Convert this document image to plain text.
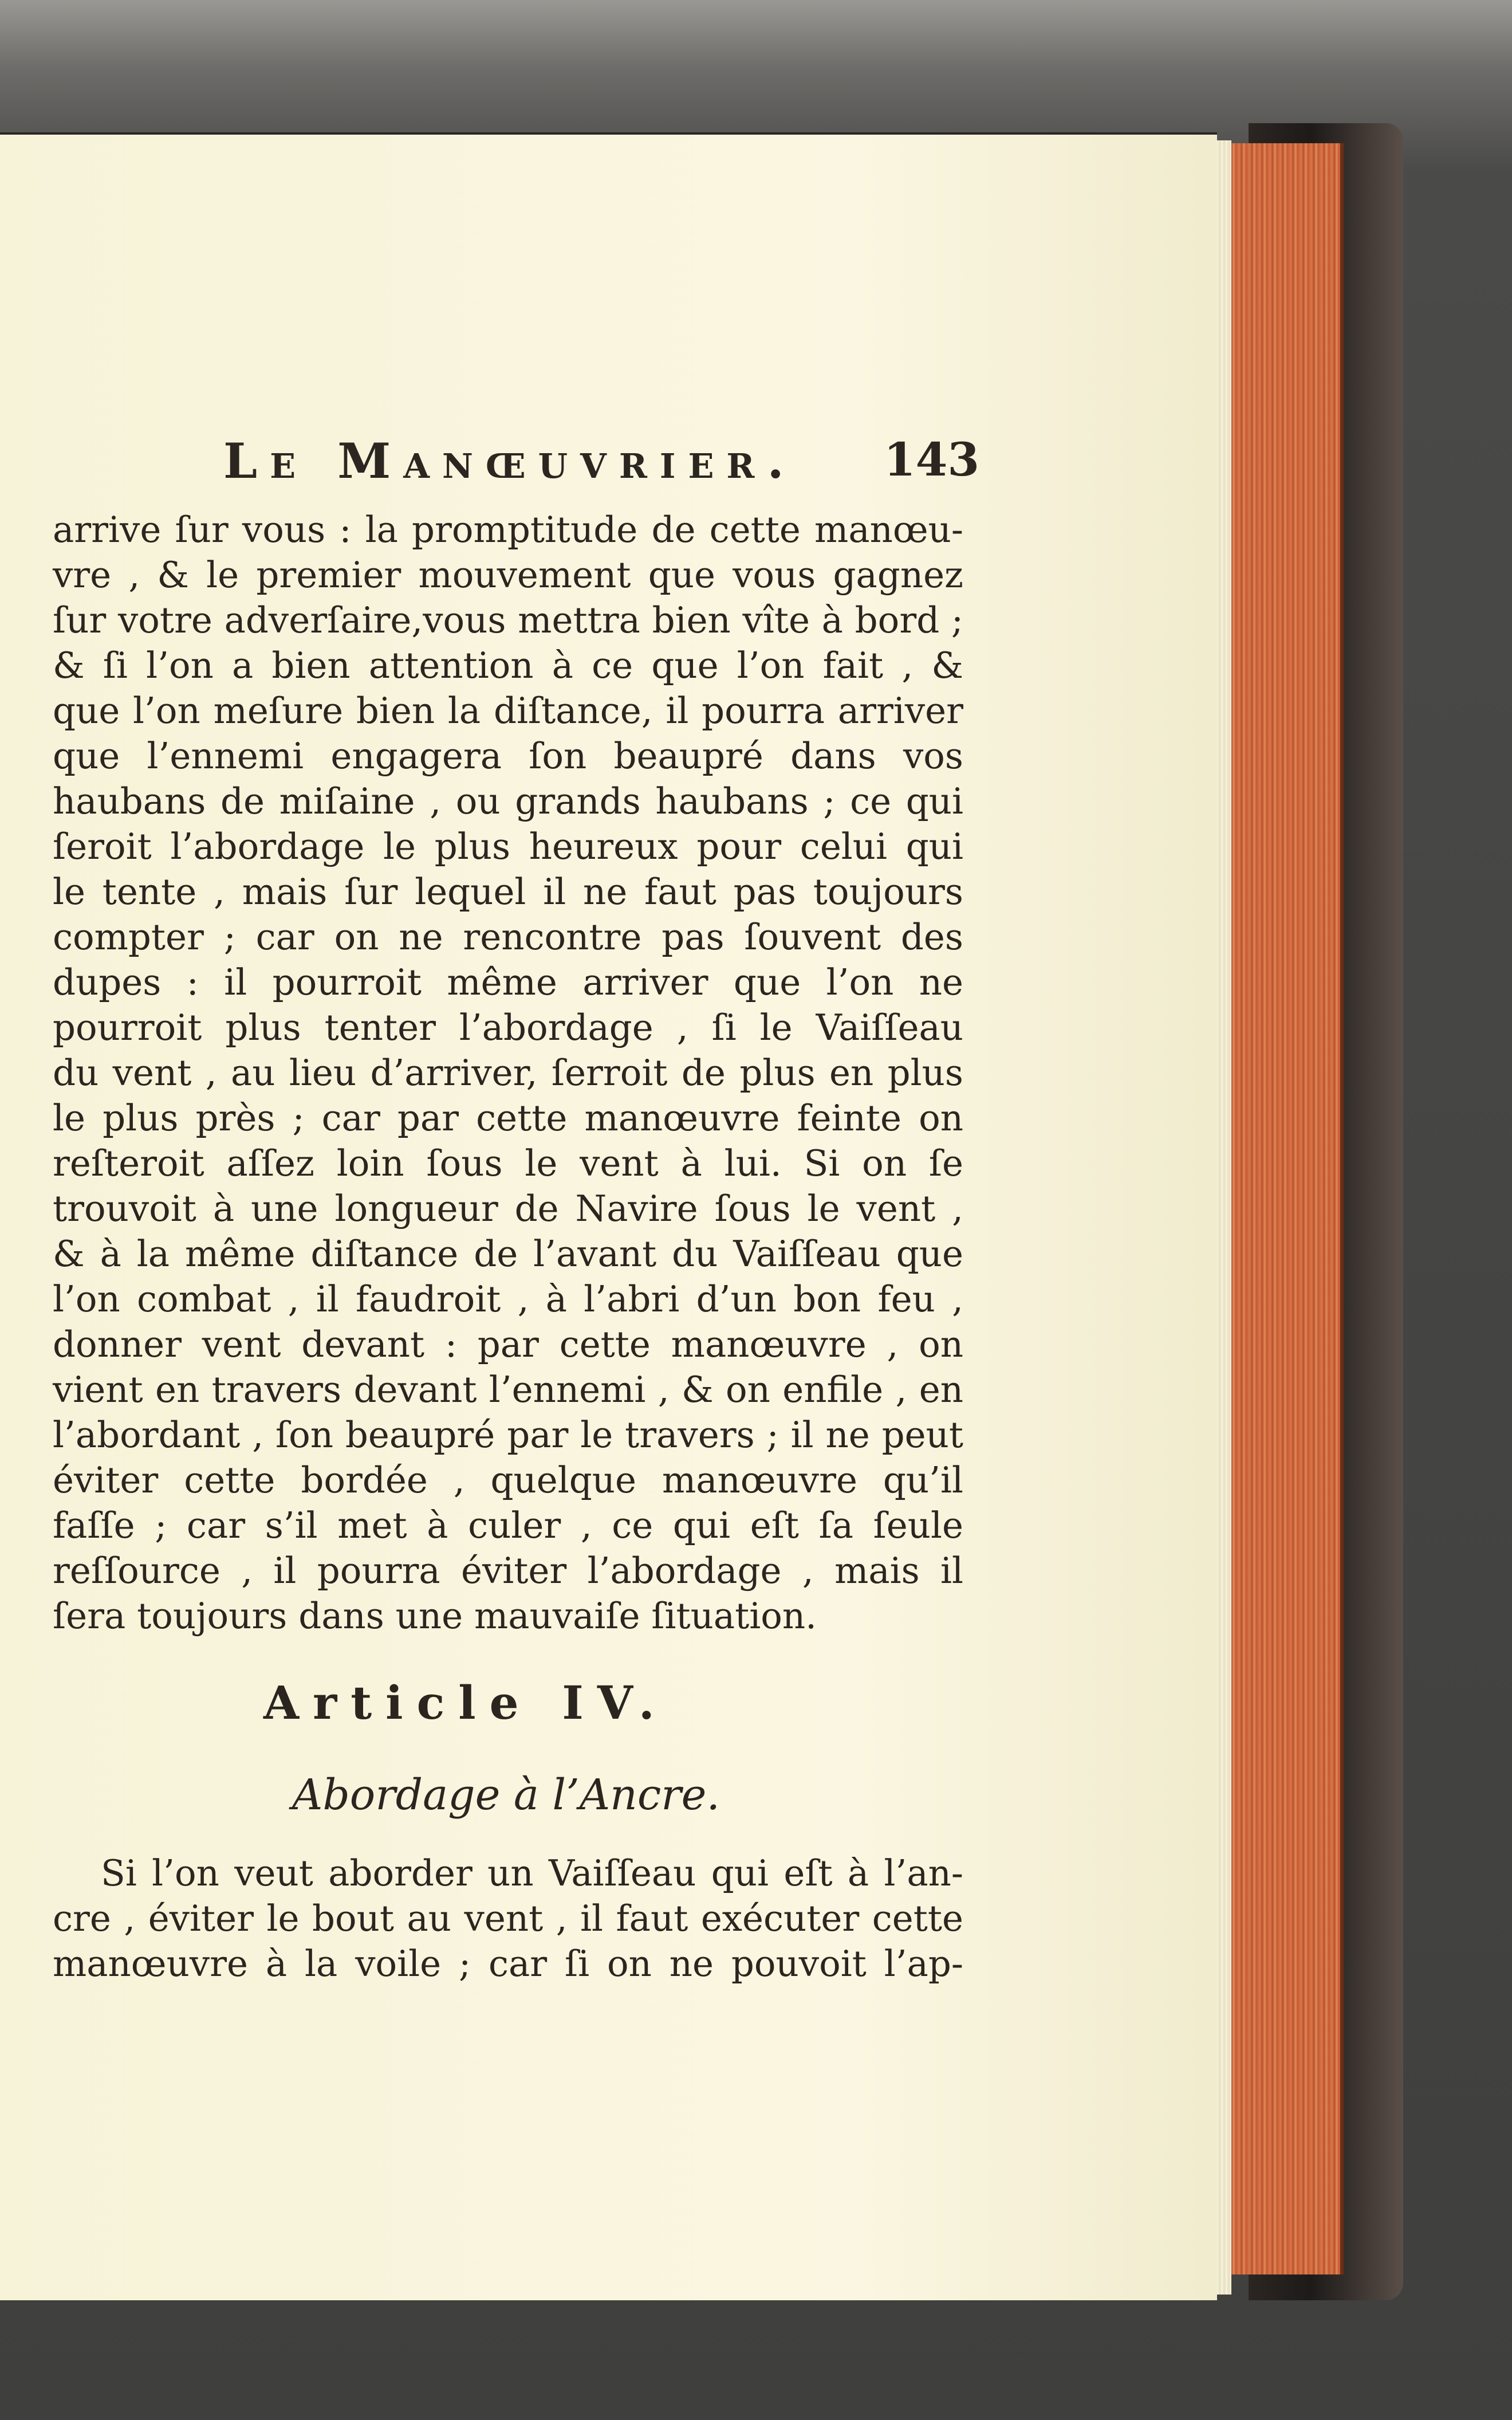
Le Manœuvrier. 143
arrive ſur vous : la promptitude de cette manœu-
vre , & le premier mouvement que vous gagnez
ſur votre adverſaire,vous mettra bien vîte à bord ;
& ſi l’on a bien attention à ce que l’on fait , &
que l’on meſure bien la diſtance, il pourra arriver
que l’ennemi engagera ſon beaupré dans vos
haubans de miſaine , ou grands haubans ; ce qui
ſeroit l’abordage le plus heureux pour celui qui
le tente , mais ſur lequel il ne faut pas toujours
compter ; car on ne rencontre pas ſouvent des
dupes : il pourroit même arriver que l’on ne
pourroit plus tenter l’abordage , ſi le Vaiſſeau
du vent , au lieu d’arriver, ſerroit de plus en plus
le plus près ; car par cette manœuvre feinte on
reſteroit aſſez loin ſous le vent à lui. Si on ſe
trouvoit à une longueur de Navire ſous le vent ,
& à la même diſtance de l’avant du Vaiſſeau que
l’on combat , il faudroit , à l’abri d’un bon feu ,
donner vent devant : par cette manœuvre , on
vient en travers devant l’ennemi , & on enfile , en
l’abordant , ſon beaupré par le travers ; il ne peut
éviter cette bordée , quelque manœuvre qu’il
faſſe ; car s’il met à culer , ce qui eſt ſa ſeule
reſſource , il pourra éviter l’abordage , mais il
ſera toujours dans une mauvaiſe ſituation.
Article IV.
Abordage à l’Ancre.
Si l’on veut aborder un Vaiſſeau qui eſt à l’an-
cre , éviter le bout au vent , il faut exécuter cette
manœuvre à la voile ; car ſi on ne pouvoit l’ap-
